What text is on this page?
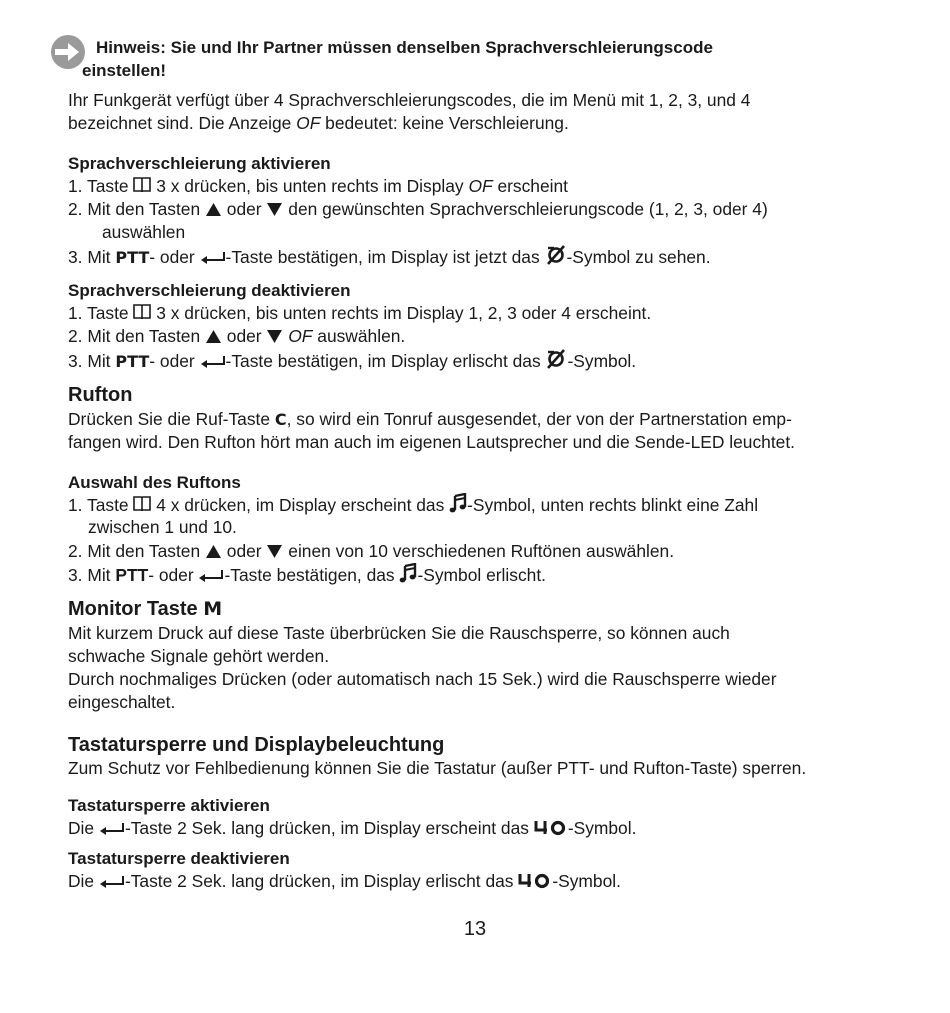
Hinweis: Sie und Ihr Partner müssen denselben Sprachverschleierungscode
einstellen!
Ihr Funkgerät verfügt über 4 Sprachverschleierungscodes, die im Menü mit 1, 2, 3, und 4
bezeichnet sind. Die Anzeige OF bedeutet: keine Verschleierung.
Sprachverschleierung aktivieren
1. Taste  3 x drücken, bis unten rechts im Display OF erscheint
2. Mit den Tasten  oder  den gewünschten Sprachverschleierungscode (1, 2, 3, oder 4)
auswählen
3. Mit PTT- oder -Taste bestätigen, im Display ist jetzt das -Symbol zu sehen.
Sprachverschleierung deaktivieren
1. Taste  3 x drücken, bis unten rechts im Display 1, 2, 3 oder 4 erscheint.
2. Mit den Tasten  oder  OF auswählen.
3. Mit PTT- oder -Taste bestätigen, im Display erlischt das -Symbol.
Rufton
Drücken Sie die Ruf-Taste C, so wird ein Tonruf ausgesendet, der von der Partnerstation emp-
fangen wird. Den Rufton hört man auch im eigenen Lautsprecher und die Sende-LED leuchtet.
Auswahl des Ruftons
1. Taste  4 x drücken, im Display erscheint das -Symbol, unten rechts blinkt eine Zahl
zwischen 1 und 10.
2. Mit den Tasten  oder  einen von 10 verschiedenen Ruftönen auswählen.
3. Mit PTT- oder -Taste bestätigen, das -Symbol erlischt.
Monitor Taste M
Mit kurzem Druck auf diese Taste überbrücken Sie die Rauschsperre, so können auch
schwache Signale gehört werden.
Durch nochmaliges Drücken (oder automatisch nach 15 Sek.) wird die Rauschsperre wieder
eingeschaltet.
Tastatursperre und Displaybeleuchtung
Zum Schutz vor Fehlbedienung können Sie die Tastatur (außer PTT- und Rufton-Taste) sperren.
Tastatursperre aktivieren
Die -Taste 2 Sek. lang drücken, im Display erscheint das -Symbol.
Tastatursperre deaktivieren
Die -Taste 2 Sek. lang drücken, im Display erlischt das -Symbol.
13
